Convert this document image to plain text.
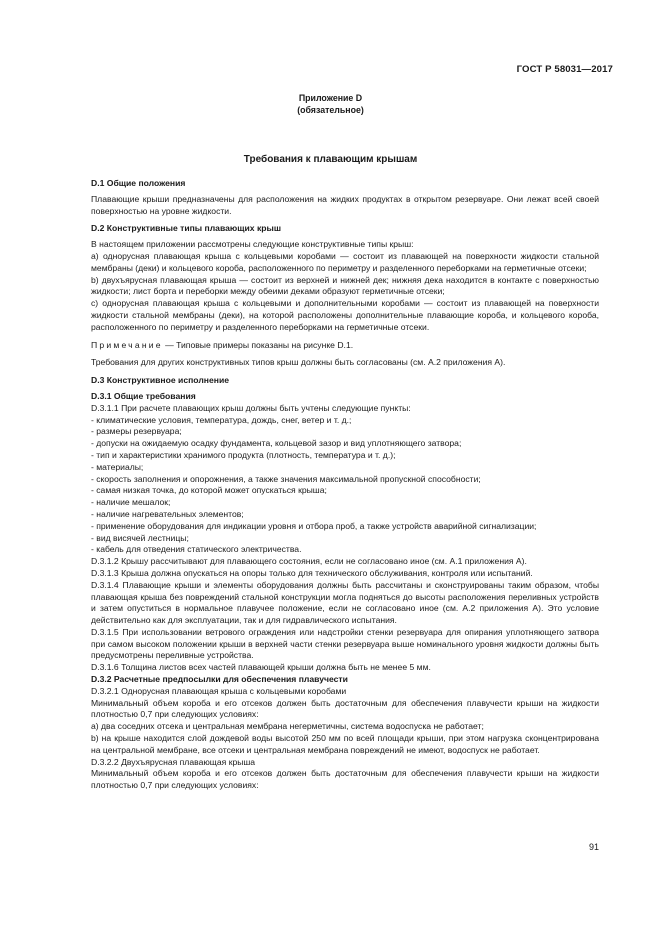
ГОСТ Р 58031—2017
Приложение D
(обязательное)
Требования к плавающим крышам

D.1 Общие положения

Плавающие крыши предназначены для расположения на жидких продуктах в открытом резервуаре. Они лежат всей своей поверхностью на уровне жидкости.

D.2 Конструктивные типы плавающих крыш

В настоящем приложении рассмотрены следующие конструктивные типы крыш:

а) однорусная плавающая крыша с кольцевыми коробами — состоит из плавающей на поверхности жидкости стальной мембраны (деки) и кольцевого короба, расположенного по периметру и разделенного переборками на герметичные отсеки;

b) двухъярусная плавающая крыша — состоит из верхней и нижней дек; нижняя дека находится в контакте с поверхностью жидкости; лист борта и переборки между обеими деками образуют герметичные отсеки;

с) однорусная плавающая крыша с кольцевыми и дополнительными коробами — состоит из плавающей на поверхности жидкости стальной мембраны (деки), на которой расположены дополнительные плавающие короба, и кольцевого короба, расположенного по периметру и разделенного переборками на герметичные отсеки.

Примечание — Типовые примеры показаны на рисунке D.1.

Требования для других конструктивных типов крыш должны быть согласованы (см. А.2 приложения А).

D.3 Конструктивное исполнение

D.3.1 Общие требования

D.3.1.1 При расчете плавающих крыш должны быть учтены следующие пункты:

- климатические условия, температура, дождь, снег, ветер и т. д.;

- размеры резервуара;

- допуски на ожидаемую осадку фундамента, кольцевой зазор и вид уплотняющего затвора;

- тип и характеристики хранимого продукта (плотность, температура и т. д.);

- материалы;

- скорость заполнения и опорожнения, а также значения максимальной пропускной способности;

- самая низкая точка, до которой может опускаться крыша;

- наличие мешалок;

- наличие нагревательных элементов;

- применение оборудования для индикации уровня и отбора проб, а также устройств аварийной сигнализации;

- вид висячей лестницы;

- кабель для отведения статического электричества.

D.3.1.2 Крышу рассчитывают для плавающего состояния, если не согласовано иное (см. А.1 приложения А).

D.3.1.3 Крыша должна опускаться на опоры только для технического обслуживания, контроля или испытаний.

D.3.1.4 Плавающие крыши и элементы оборудования должны быть рассчитаны и сконструированы таким образом, чтобы плавающая крыша без повреждений стальной конструкции могла подняться до высоты расположения переливных устройств и затем опуститься в нормальное плавучее положение, если не согласовано иное (см. А.2 приложения А). Это условие действительно как для эксплуатации, так и для гидравлического испытания.

D.3.1.5 При использовании ветрового ограждения или надстройки стенки резервуара для опирания уплотняющего затвора при самом высоком положении крыши в верхней части стенки резервуара выше номинального уровня жидкости должны быть предусмотрены переливные устройства.

D.3.1.6 Толщина листов всех частей плавающей крыши должна быть не менее 5 мм.

D.3.2 Расчетные предпосылки для обеспечения плавучести

D.3.2.1 Однорусная плавающая крыша с кольцевыми коробами

Минимальный объем короба и его отсеков должен быть достаточным для обеспечения плавучести крыши на жидкости плотностью 0,7 при следующих условиях:

а) два соседних отсека и центральная мембрана негерметичны, система водоспуска не работает;

b) на крыше находится слой дождевой воды высотой 250 мм по всей площади крыши, при этом нагрузка сконцентрирована на центральной мембране, все отсеки и центральная мембрана повреждений не имеют, водоспуск не работает.

D.3.2.2 Двухъярусная плавающая крыша

Минимальный объем короба и его отсеков должен быть достаточным для обеспечения плавучести крыши на жидкости плотностью 0,7 при следующих условиях:

91
